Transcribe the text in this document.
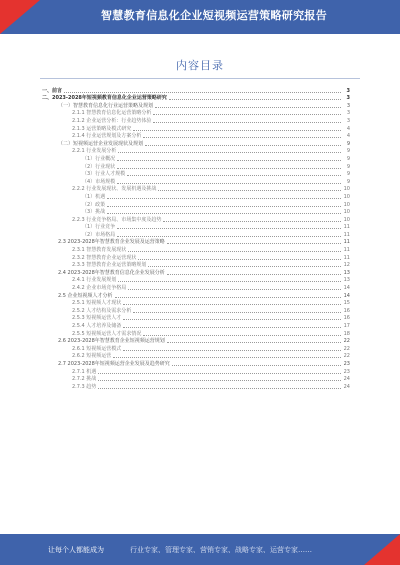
智慧教育信息化企业短视频运营策略研究报告
内容目录
一、前言	3
二、2023-2028年短视频教育信息化企业运营策略研究	3
（一）智慧教育信息化行业运营策略及规划	3
2.1.1 智慧教育信息化运营策略分析	3
2.1.2 企业运营分析：行业趋势体验	3
2.1.3 运营策略及模式研究	4
2.1.4 行业运营规划及方案分析	4
（二）短视频运营企业发展现状及规划	9
2.2.1 行业发展分析	9
（1）行业概况	9
（2）行业现状	9
（3）行业人才规模	9
（4）市场规模	9
2.2.2 行业发展现状、发展机遇及挑战	10
（1）机遇	10
（2）政策	10
（3）挑战	10
2.2.3 行业竞争格局、市场集中度及趋势	10
（1）行业竞争	11
（2）市场格局	11
2.3 2023-2028年智慧教育企业发展及运营策略	11
2.3.1 智慧教育发展现状	11
2.3.2 智慧教育企业运营现状	11
2.3.3 智慧教育企业运营策略规划	12
2.4 2023-2028年智慧教育信息化企业发展分析	13
2.4.1 行业发展规划	13
2.4.2 企业市场竞争格局	14
2.5 企业短视频人才分析	14
2.5.1 短视频人才现状	15
2.5.2 人才结构及需求分析	16
2.5.3 短视频运营人才	16
2.5.4 人才培养及储备	17
2.5.5 短视频运营人才需求情况	18
2.6 2023-2028年智慧教育企业短视频运营规划	22
2.6.1 短视频运营模式	22
2.6.2 短视频运营	22
2.7 2023-2028年短视频运营企业发展及趋势研究	23
2.7.1 机遇	23
2.7.2 挑战	24
2.7.3 趋势	24
让每个人都能成为	行业专家、管理专家、营销专家、战略专家、运营专家……
